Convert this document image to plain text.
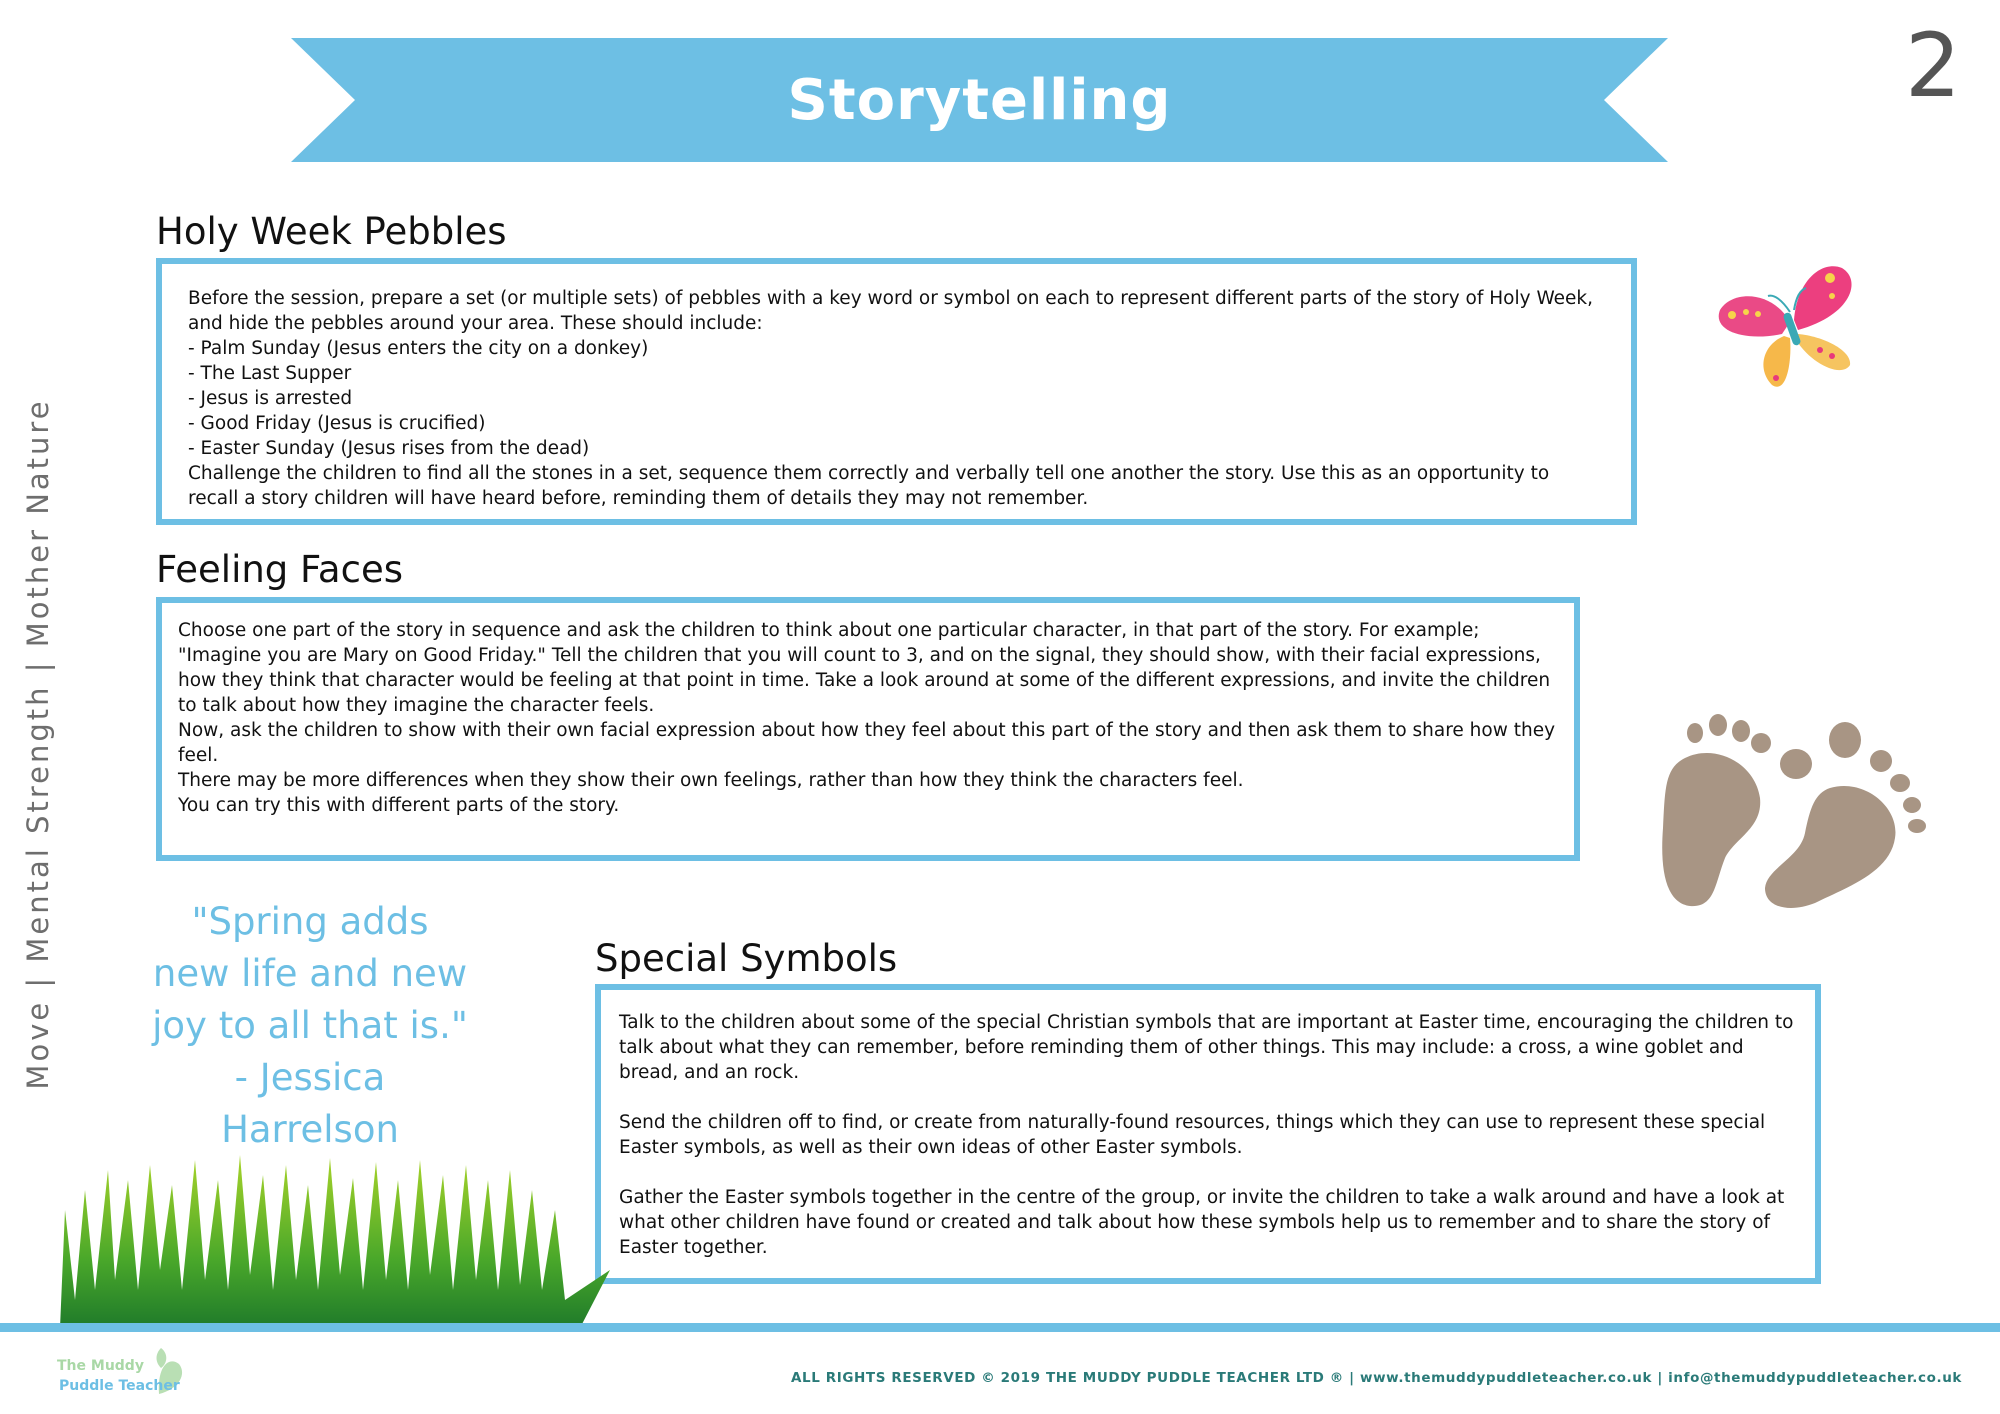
Storytelling	2
Move | Mental Strength | Mother Nature
Holy Week Pebbles

Before the session, prepare a set (or multiple sets) of pebbles with a key word or symbol on each to represent different parts of the story of Holy Week, and hide the pebbles around your area. These should include:

- Palm Sunday (Jesus enters the city on a donkey)

- The Last Supper

- Jesus is arrested

- Good Friday (Jesus is crucified)

- Easter Sunday (Jesus rises from the dead)

Challenge the children to find all the stones in a set, sequence them correctly and verbally tell one another the story. Use this as an opportunity to recall a story children will have heard before, reminding them of details they may not remember.

Feeling Faces

Choose one part of the story in sequence and ask the children to think about one particular character, in that part of the story. For example; "Imagine you are Mary on Good Friday." Tell the children that you will count to 3, and on the signal, they should show, with their facial expressions, how they think that character would be feeling at that point in time. Take a look around at some of the different expressions, and invite the children to talk about how they imagine the character feels.

Now, ask the children to show with their own facial expression about how they feel about this part of the story and then ask them to share how they feel.

There may be more differences when they show their own feelings, rather than how they think the characters feel.

You can try this with different parts of the story.

Special Symbols

Talk to the children about some of the special Christian symbols that are important at Easter time, encouraging the children to talk about what they can remember, before reminding them of other things. This may include: a cross, a wine goblet and bread, and an rock.

Send the children off to find, or create from naturally-found resources, things which they can use to represent these special Easter symbols, as well as their own ideas of other Easter symbols.

Gather the Easter symbols together in the centre of the group, or invite the children to take a walk around and have a look at what other children have found or created and talk about how these symbols help us to remember and to share the story of Easter together.

"Spring adds
new life and new
joy to all that is."
- Jessica
Harrelson
The Muddy
Puddle Teacher	ALL RIGHTS RESERVED © 2019 THE MUDDY PUDDLE TEACHER LTD ® | www.themuddypuddleteacher.co.uk | info@themuddypuddleteacher.co.uk
